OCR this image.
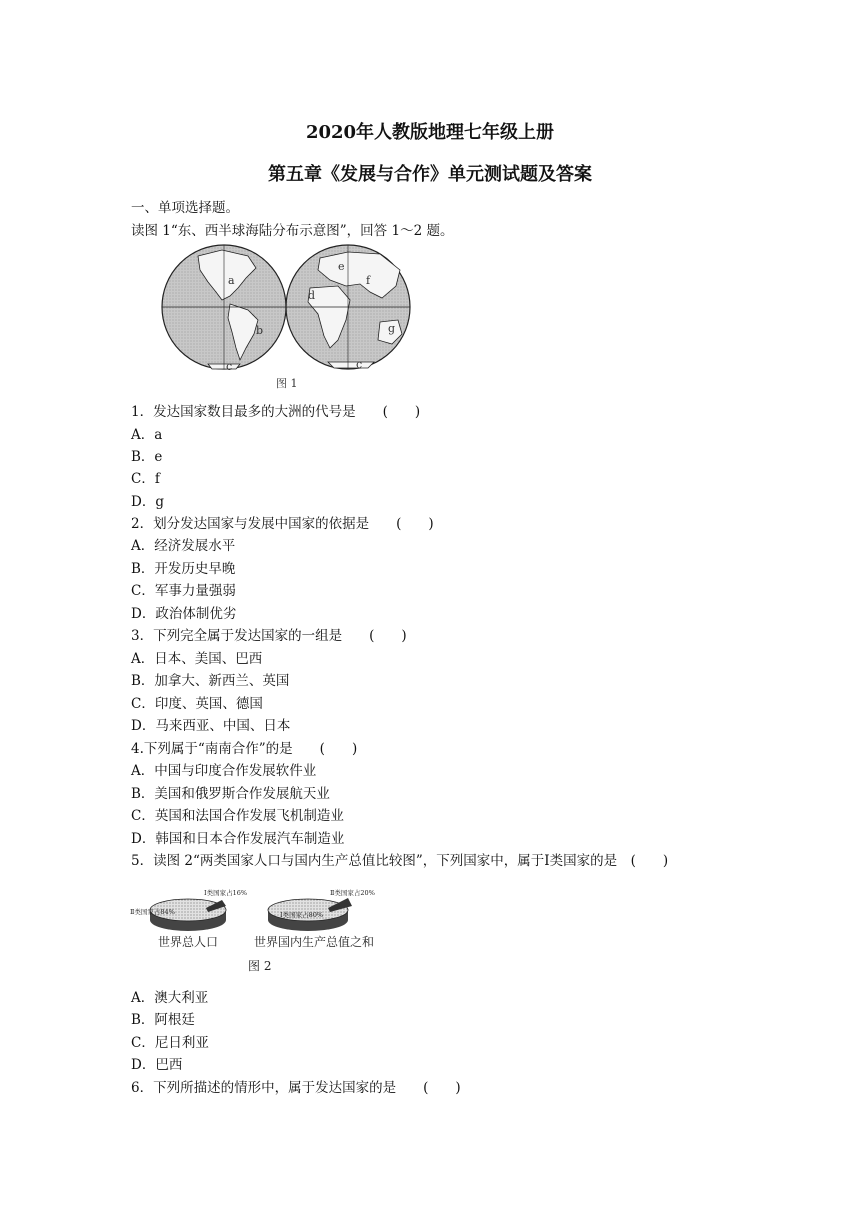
2020年人教版地理七年级上册
第五章《发展与合作》单元测试题及答案
一、单项选择题。
读图 1“东、西半球海陆分布示意图”，回答 1～2 题。
a
b
c
d
e
f
g
c
图 1
1．发达国家数目最多的大洲的代号是　　(　　)
A．a
B．e
C．f
D．g
2．划分发达国家与发展中国家的依据是　　(　　)
A．经济发展水平
B．开发历史早晚
C．军事力量强弱
D．政治体制优劣
3．下列完全属于发达国家的一组是　　(　　)
A．日本、美国、巴西
B．加拿大、新西兰、英国
C．印度、英国、德国
D．马来西亚、中国、日本
4.下列属于“南南合作”的是　　(　　)
A．中国与印度合作发展软件业
B．美国和俄罗斯合作发展航天业
C．英国和法国合作发展飞机制造业
D．韩国和日本合作发展汽车制造业
5．读图 2“两类国家人口与国内生产总值比较图”，下列国家中，属于Ⅰ类国家的是　(　　)
Ⅰ类国家占16%
Ⅱ类国家占84%
世界总人口
Ⅱ类国家占20%
Ⅰ类国家占80%
世界国内生产总值之和
图 2
A．澳大利亚
B．阿根廷
C．尼日利亚
D．巴西
6．下列所描述的情形中，属于发达国家的是　　(　　)
